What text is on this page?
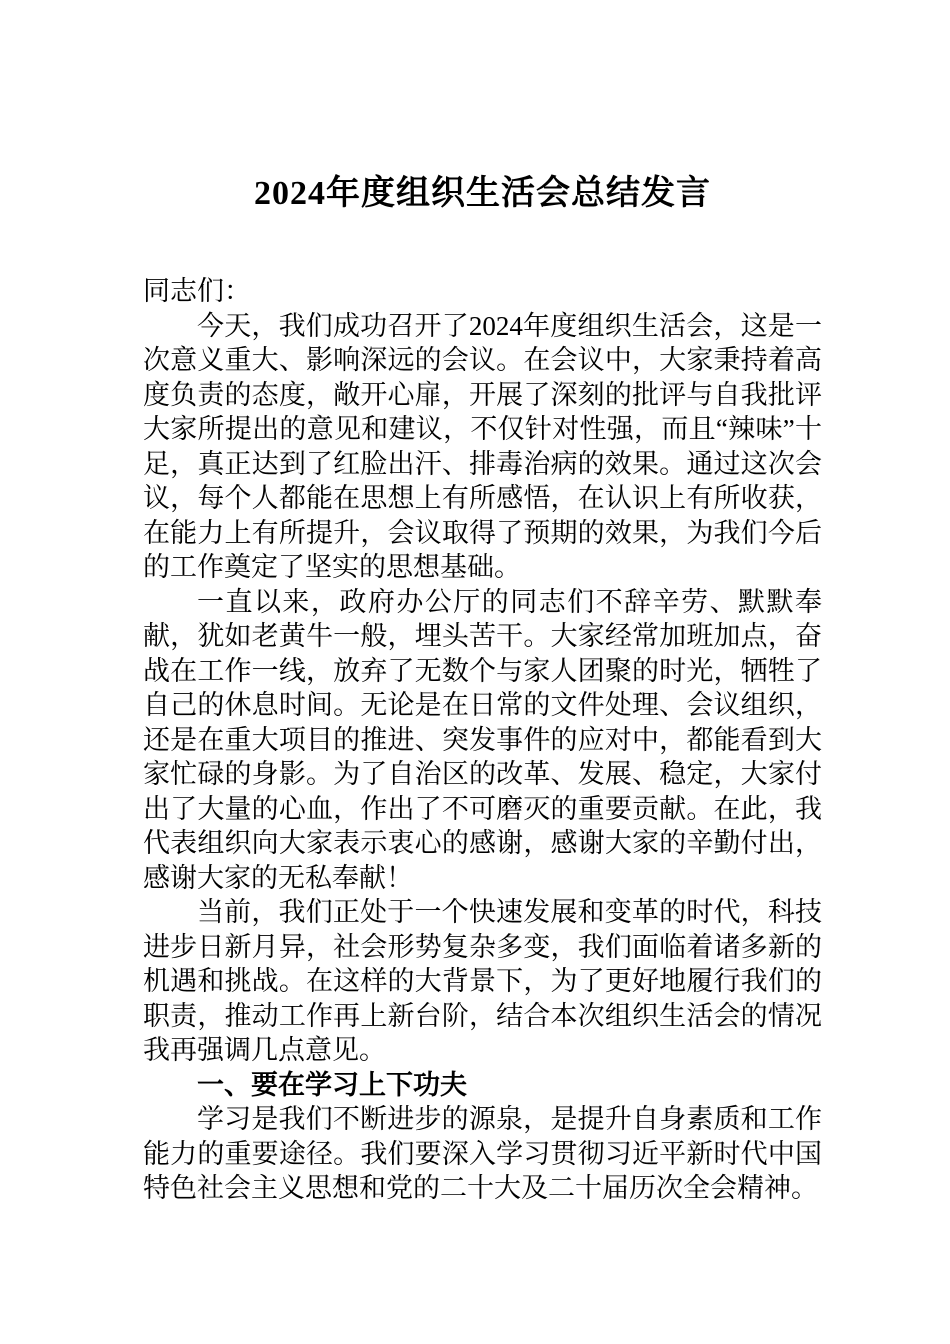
2024年度组织生活会总结发言

同志们：

今天，我们成功召开了2024年度组织生活会，这是一次意义重大、影响深远的会议。在会议中，大家秉持着高度负责的态度，敞开心扉，开展了深刻的批评与自我批评大家所提出的意见和建议，不仅针对性强，而且“辣味”十足，真正达到了红脸出汗、排毒治病的效果。通过这次会议，每个人都能在思想上有所感悟，在认识上有所收获，在能力上有所提升，会议取得了预期的效果，为我们今后的工作奠定了坚实的思想基础。

一直以来，政府办公厅的同志们不辞辛劳、默默奉献，犹如老黄牛一般，埋头苦干。大家经常加班加点，奋战在工作一线，放弃了无数个与家人团聚的时光，牺牲了自己的休息时间。无论是在日常的文件处理、会议组织，还是在重大项目的推进、突发事件的应对中，都能看到大家忙碌的身影。为了自治区的改革、发展、稳定，大家付出了大量的心血，作出了不可磨灭的重要贡献。在此，我代表组织向大家表示衷心的感谢，感谢大家的辛勤付出，感谢大家的无私奉献！

当前，我们正处于一个快速发展和变革的时代，科技进步日新月异，社会形势复杂多变，我们面临着诸多新的机遇和挑战。在这样的大背景下，为了更好地履行我们的职责，推动工作再上新台阶，结合本次组织生活会的情况我再强调几点意见。

一、要在学习上下功夫

学习是我们不断进步的源泉，是提升自身素质和工作能力的重要途径。我们要深入学习贯彻习近平新时代中国特色社会主义思想和党的二十大及二十届历次全会精神。
